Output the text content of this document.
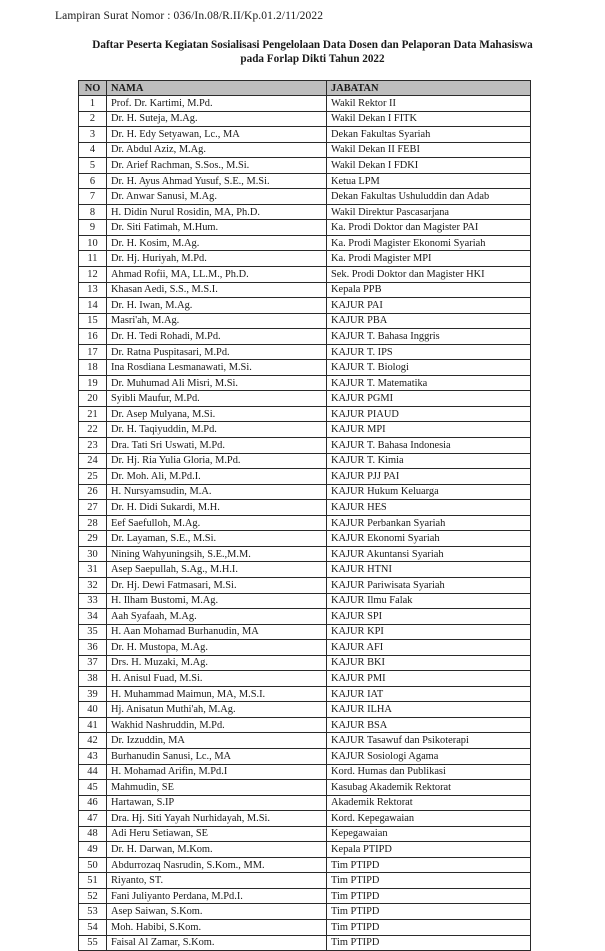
Lampiran Surat Nomor : 036/In.08/R.II/Kp.01.2/11/2022
Daftar Peserta Kegiatan Sosialisasi Pengelolaan Data Dosen dan Pelaporan Data Mahasiswa
pada Forlap Dikti Tahun 2022
NO	NAMA	JABATAN
1	Prof. Dr. Kartimi, M.Pd.	Wakil Rektor II
2	Dr. H. Suteja, M.Ag.	Wakil Dekan I FITK
3	Dr. H. Edy Setyawan, Lc., MA	Dekan Fakultas Syariah
4	Dr. Abdul Aziz, M.Ag.	Wakil Dekan II FEBI
5	Dr. Arief Rachman, S.Sos., M.Si.	Wakil Dekan I FDKI
6	Dr. H. Ayus Ahmad Yusuf, S.E., M.Si.	Ketua LPM
7	Dr. Anwar Sanusi, M.Ag.	Dekan Fakultas Ushuluddin dan Adab
8	H. Didin Nurul Rosidin, MA, Ph.D.	Wakil Direktur Pascasarjana
9	Dr. Siti Fatimah, M.Hum.	Ka. Prodi Doktor dan Magister PAI
10	Dr. H. Kosim, M.Ag.	Ka. Prodi Magister Ekonomi Syariah
11	Dr. Hj. Huriyah, M.Pd.	Ka. Prodi Magister MPI
12	Ahmad Rofii, MA, LL.M., Ph.D.	Sek. Prodi Doktor dan Magister HKI
13	Khasan Aedi, S.S., M.S.I.	Kepala PPB
14	Dr. H. Iwan, M.Ag.	KAJUR PAI
15	Masri'ah, M.Ag.	KAJUR PBA
16	Dr. H. Tedi Rohadi, M.Pd.	KAJUR T. Bahasa Inggris
17	Dr. Ratna Puspitasari, M.Pd.	KAJUR T. IPS
18	Ina Rosdiana Lesmanawati, M.Si.	KAJUR T. Biologi
19	Dr. Muhumad Ali Misri, M.Si.	KAJUR T. Matematika
20	Syibli Maufur, M.Pd.	KAJUR PGMI
21	Dr. Asep Mulyana, M.Si.	KAJUR PIAUD
22	Dr. H. Taqiyuddin, M.Pd.	KAJUR MPI
23	Dra. Tati Sri Uswati, M.Pd.	KAJUR T. Bahasa Indonesia
24	Dr. Hj. Ria Yulia Gloria, M.Pd.	KAJUR T. Kimia
25	Dr. Moh. Ali, M.Pd.I.	KAJUR PJJ PAI
26	H. Nursyamsudin, M.A.	KAJUR Hukum Keluarga
27	Dr. H. Didi Sukardi, M.H.	KAJUR HES
28	Eef Saefulloh, M.Ag.	KAJUR Perbankan Syariah
29	Dr. Layaman, S.E., M.Si.	KAJUR Ekonomi Syariah
30	Nining Wahyuningsih, S.E.,M.M.	KAJUR Akuntansi Syariah
31	Asep Saepullah, S.Ag., M.H.I.	KAJUR HTNI
32	Dr. Hj. Dewi Fatmasari, M.Si.	KAJUR Pariwisata Syariah
33	H. Ilham Bustomi, M.Ag.	KAJUR Ilmu Falak
34	Aah Syafaah, M.Ag.	KAJUR SPI
35	H. Aan Mohamad Burhanudin, MA	KAJUR KPI
36	Dr. H. Mustopa, M.Ag.	KAJUR AFI
37	Drs. H. Muzaki, M.Ag.	KAJUR BKI
38	H. Anisul Fuad, M.Si.	KAJUR PMI
39	H. Muhammad Maimun, MA, M.S.I.	KAJUR IAT
40	Hj. Anisatun Muthi'ah, M.Ag.	KAJUR ILHA
41	Wakhid Nashruddin, M.Pd.	KAJUR BSA
42	Dr. Izzuddin, MA	KAJUR Tasawuf dan Psikoterapi
43	Burhanudin Sanusi, Lc., MA	KAJUR Sosiologi Agama
44	H. Mohamad Arifin, M.Pd.I	Kord. Humas dan Publikasi
45	Mahmudin, SE	Kasubag Akademik Rektorat
46	Hartawan, S.IP	Akademik Rektorat
47	Dra. Hj. Siti Yayah Nurhidayah, M.Si.	Kord. Kepegawaian
48	Adi Heru Setiawan, SE	Kepegawaian
49	Dr. H. Darwan, M.Kom.	Kepala PTIPD
50	Abdurrozaq Nasrudin, S.Kom., MM.	Tim PTIPD
51	Riyanto, ST.	Tim PTIPD
52	Fani Juliyanto Perdana, M.Pd.I.	Tim PTIPD
53	Asep Saiwan, S.Kom.	Tim PTIPD
54	Moh. Habibi, S.Kom.	Tim PTIPD
55	Faisal Al Zamar, S.Kom.	Tim PTIPD
